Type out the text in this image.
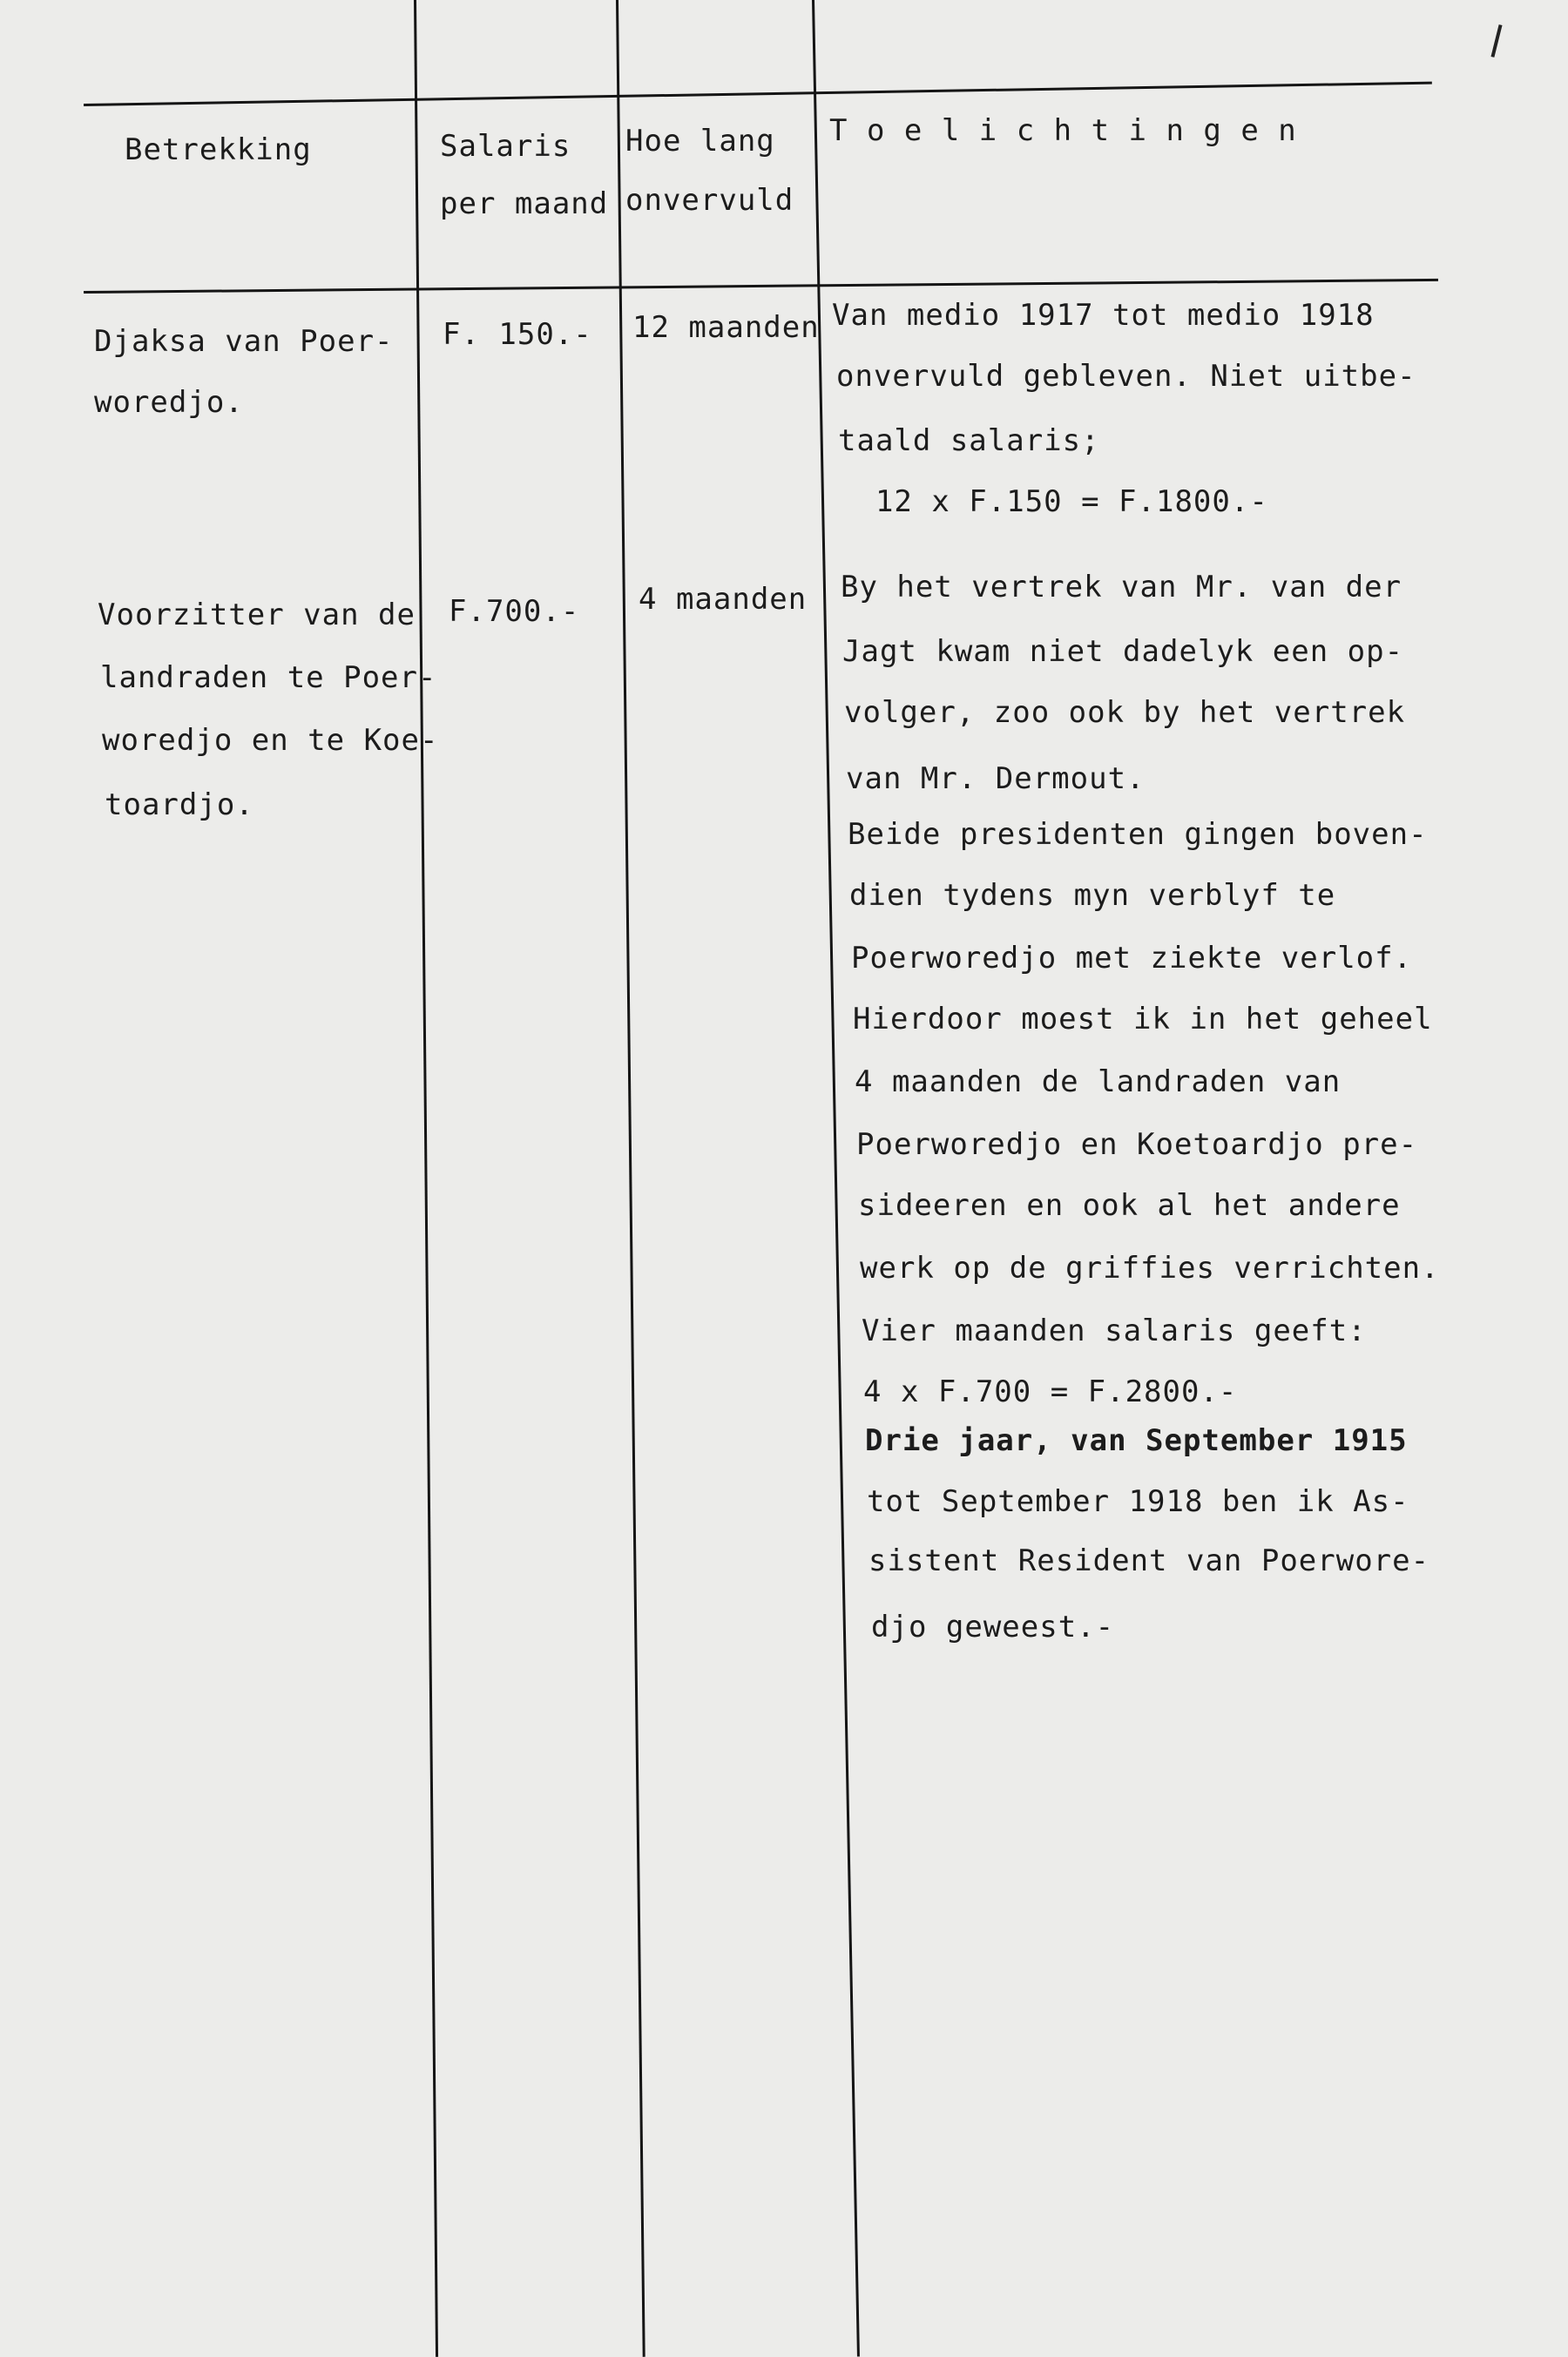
Betrekking	Salaris
per maand
Hoe lang
onvervuld
T o e l i c h t i n g e n
Djaksa van Poer-
woredjo.
F. 150.- 12 maanden Van medio 1917 tot medio 1918
onvervuld gebleven. Niet uitbe-
taald salaris;
12 x F.150 = F.1800.-
Voorzitter van de
landraden te Poer-
woredjo en te Koe-
toardjo.
F.700.- 4 maanden By het vertrek van Mr. van der
Jagt kwam niet dadelyk een op-
volger, zoo ook by het vertrek
van Mr. Dermout.
Beide presidenten gingen boven-
dien tydens myn verblyf te
Poerworedjo met ziekte verlof.
Hierdoor moest ik in het geheel
4 maanden de landraden van
Poerworedjo en Koetoardjo pre-
sideeren en ook al het andere
werk op de griffies verrichten.
Vier maanden salaris geeft:
4 x F.700 = F.2800.-
Drie jaar, van September 1915
tot September 1918 ben ik As-
sistent Resident van Poerwore-
djo geweest.-
